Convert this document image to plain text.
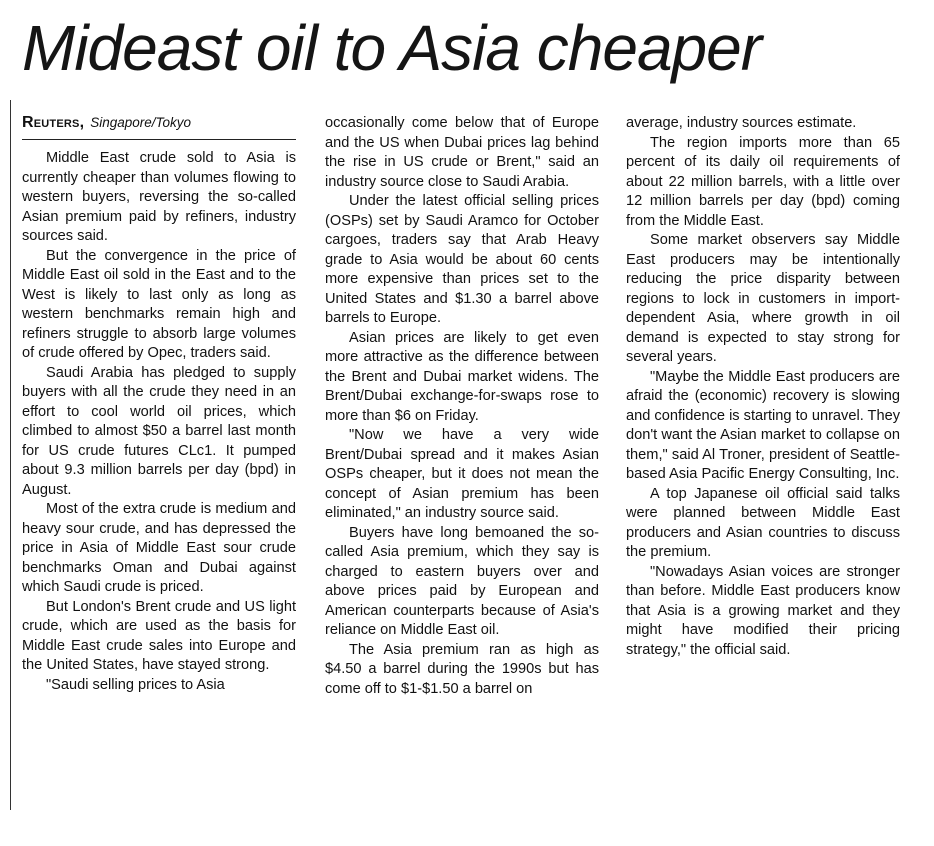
Mideast oil to Asia cheaper
Reuters, Singapore/Tokyo

Middle East crude sold to Asia is currently cheaper than volumes flowing to western buyers, reversing the so-called Asian premium paid by refiners, industry sources said.

But the convergence in the price of Middle East oil sold in the East and to the West is likely to last only as long as western benchmarks remain high and refiners struggle to absorb large volumes of crude offered by Opec, traders said.

Saudi Arabia has pledged to supply buyers with all the crude they need in an effort to cool world oil prices, which climbed to almost $50 a barrel last month for US crude futures CLc1. It pumped about 9.3 million barrels per day (bpd) in August.

Most of the extra crude is medium and heavy sour crude, and has depressed the price in Asia of Middle East sour crude benchmarks Oman and Dubai against which Saudi crude is priced.

But London's Brent crude and US light crude, which are used as the basis for Middle East crude sales into Europe and the United States, have stayed strong.

"Saudi selling prices to Asia

occasionally come below that of Europe and the US when Dubai prices lag behind the rise in US crude or Brent," said an industry source close to Saudi Arabia.

Under the latest official selling prices (OSPs) set by Saudi Aramco for October cargoes, traders say that Arab Heavy grade to Asia would be about 60 cents more expensive than prices set to the United States and $1.30 a barrel above barrels to Europe.

Asian prices are likely to get even more attractive as the difference between the Brent and Dubai market widens. The Brent/Dubai exchange-for-swaps rose to more than $6 on Friday.

"Now we have a very wide Brent/Dubai spread and it makes Asian OSPs cheaper, but it does not mean the concept of Asian premium has been eliminated," an industry source said.

Buyers have long bemoaned the so-called Asia premium, which they say is charged to eastern buyers over and above prices paid by European and American counterparts because of Asia's reliance on Middle East oil.

The Asia premium ran as high as $4.50 a barrel during the 1990s but has come off to $1-$1.50 a barrel on

average, industry sources estimate.

The region imports more than 65 percent of its daily oil requirements of about 22 million barrels, with a little over 12 million barrels per day (bpd) coming from the Middle East.

Some market observers say Middle East producers may be intentionally reducing the price disparity between regions to lock in customers in import-dependent Asia, where growth in oil demand is expected to stay strong for several years.

"Maybe the Middle East producers are afraid the (economic) recovery is slowing and confidence is starting to unravel. They don't want the Asian market to collapse on them," said Al Troner, president of Seattle-based Asia Pacific Energy Consulting, Inc.

A top Japanese oil official said talks were planned between Middle East producers and Asian countries to discuss the premium.

"Nowadays Asian voices are stronger than before. Middle East producers know that Asia is a growing market and they might have modified their pricing strategy," the official said.
